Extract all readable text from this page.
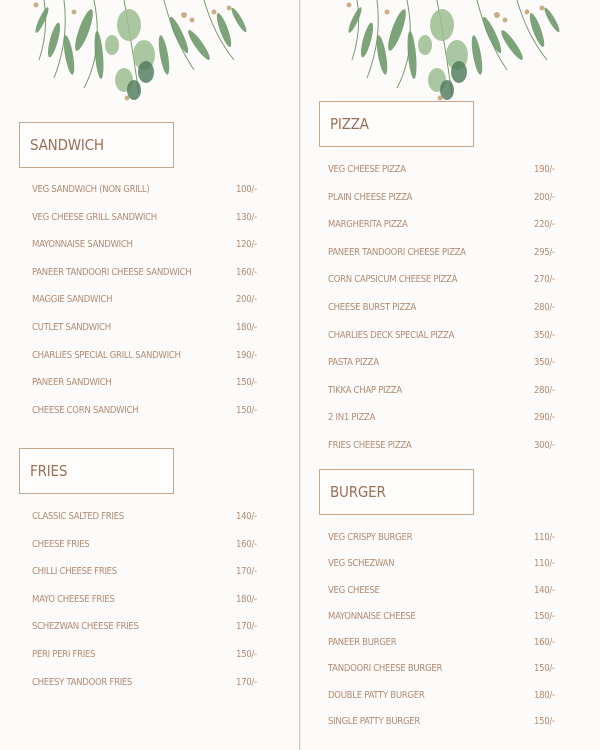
SANDWICH
VEG SANDWICH (NON GRILL)	100/-
VEG CHEESE GRILL SANDWICH	130/-
MAYONNAISE SANDWICH	120/-
PANEER TANDOORI CHEESE SANDWICH	160/-
MAGGIE SANDWICH	200/-
CUTLET SANDWICH	180/-
CHARLIES SPECIAL GRILL SANDWICH	190/-
PANEER SANDWICH	150/-
CHEESE CORN SANDWICH	150/-
FRIES
CLASSIC SALTED FRIES	140/-
CHEESE FRIES	160/-
CHILLI CHEESE FRIES	170/-
MAYO CHEESE FRIES	180/-
SCHEZWAN CHEESE FRIES	170/-
PERI PERI FRIES	150/-
CHEESY TANDOOR FRIES	170/-
PIZZA
VEG CHEESE PIZZA	190/-
PLAIN CHEESE PIZZA	200/-
MARGHERITA PIZZA	220/-
PANEER TANDOORI CHEESE PIZZA	295/-
CORN CAPSICUM CHEESE PIZZA	270/-
CHEESE BURST PIZZA	280/-
CHARLIES DECK SPECIAL PIZZA	350/-
PASTA PIZZA	350/-
TIKKA CHAP PIZZA	280/-
2 IN1 PIZZA	290/-
FRIES CHEESE PIZZA	300/-
BURGER
VEG CRISPY BURGER	110/-
VEG SCHEZWAN	110/-
VEG CHEESE	140/-
MAYONNAISE CHEESE	150/-
PANEER BURGER	160/-
TANDOORI CHEESE BURGER	150/-
DOUBLE PATTY BURGER	180/-
SINGLE PATTY BURGER	150/-
